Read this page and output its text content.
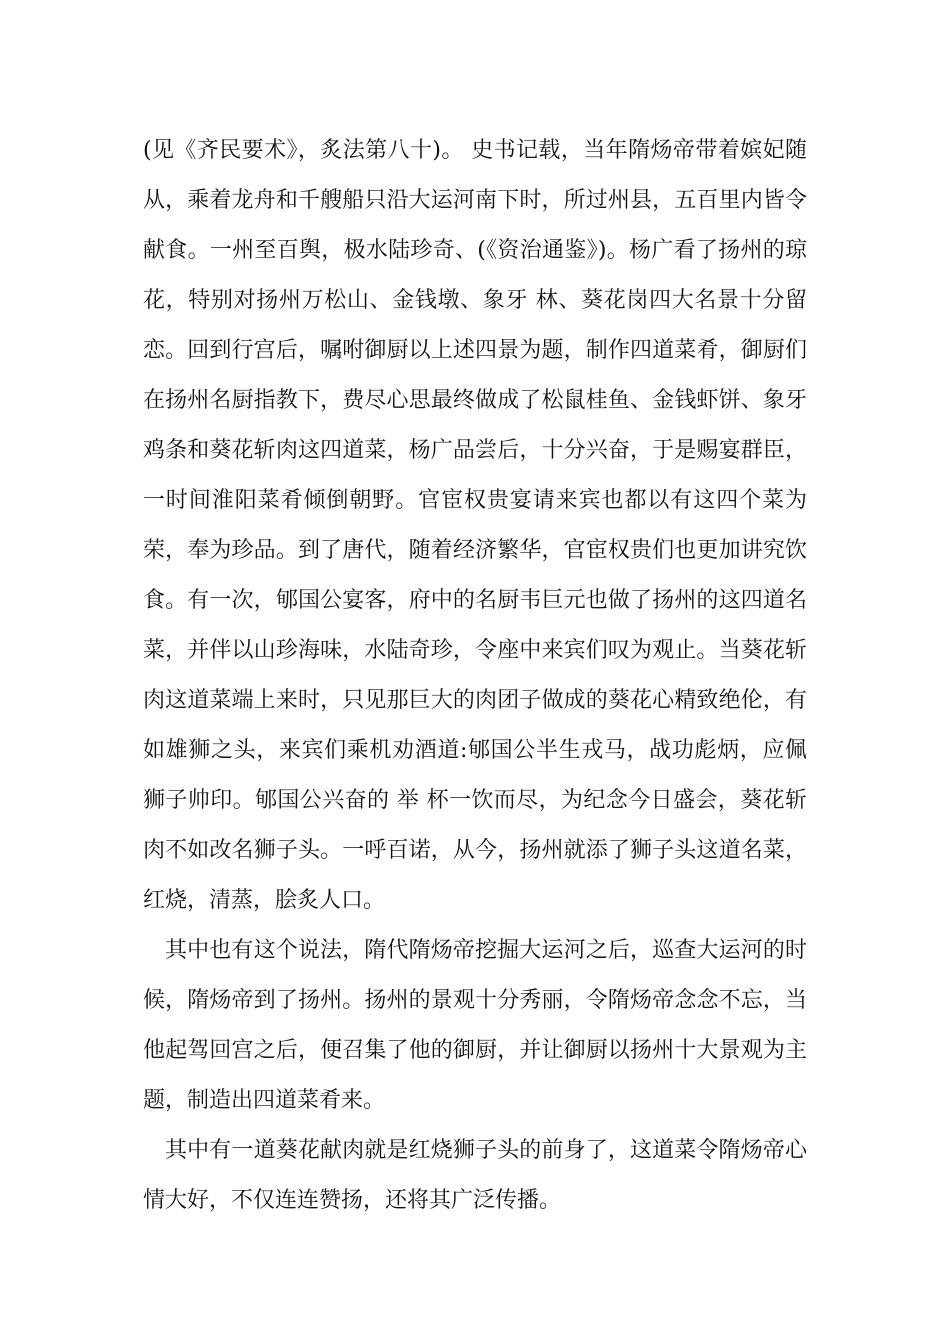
(见《齐民要术》，炙法第八十)。 史书记载，当年隋炀帝带着嫔妃随从，乘着龙舟和千艘船只沿大运河南下时，所过州县，五百里内皆令献食。一州至百舆，极水陆珍奇、(《资治通鉴》)。杨广看了扬州的琼花，特别对扬州万松山、金钱墩、象牙 林、葵花岗四大名景十分留恋。回到行宫后，嘱咐御厨以上述四景为题，制作四道菜肴，御厨们在扬州名厨指教下，费尽心思最终做成了松鼠桂鱼、金钱虾饼、象牙鸡条和葵花斩肉这四道菜，杨广品尝后，十分兴奋，于是赐宴群臣，一时间淮阳菜肴倾倒朝野。官宦权贵宴请来宾也都以有这四个菜为荣，奉为珍品。到了唐代，随着经济繁华，官宦权贵们也更加讲究饮食。有一次，郇国公宴客，府中的名厨韦巨元也做了扬州的这四道名菜，并伴以山珍海味，水陆奇珍，令座中来宾们叹为观止。当葵花斩肉这道菜端上来时，只见那巨大的肉团子做成的葵花心精致绝伦，有如雄狮之头，来宾们乘机劝酒道:郇国公半生戎马，战功彪炳，应佩狮子帅印。郇国公兴奋的 举 杯一饮而尽，为纪念今日盛会，葵花斩肉不如改名狮子头。一呼百诺，从今，扬州就添了狮子头这道名菜，红烧，清蒸，脍炙人口。

其中也有这个说法，隋代隋炀帝挖掘大运河之后，巡查大运河的时候，隋炀帝到了扬州。扬州的景观十分秀丽，令隋炀帝念念不忘，当他起驾回宫之后，便召集了他的御厨，并让御厨以扬州十大景观为主题，制造出四道菜肴来。

其中有一道葵花献肉就是红烧狮子头的前身了，这道菜令隋炀帝心情大好，不仅连连赞扬，还将其广泛传播。
